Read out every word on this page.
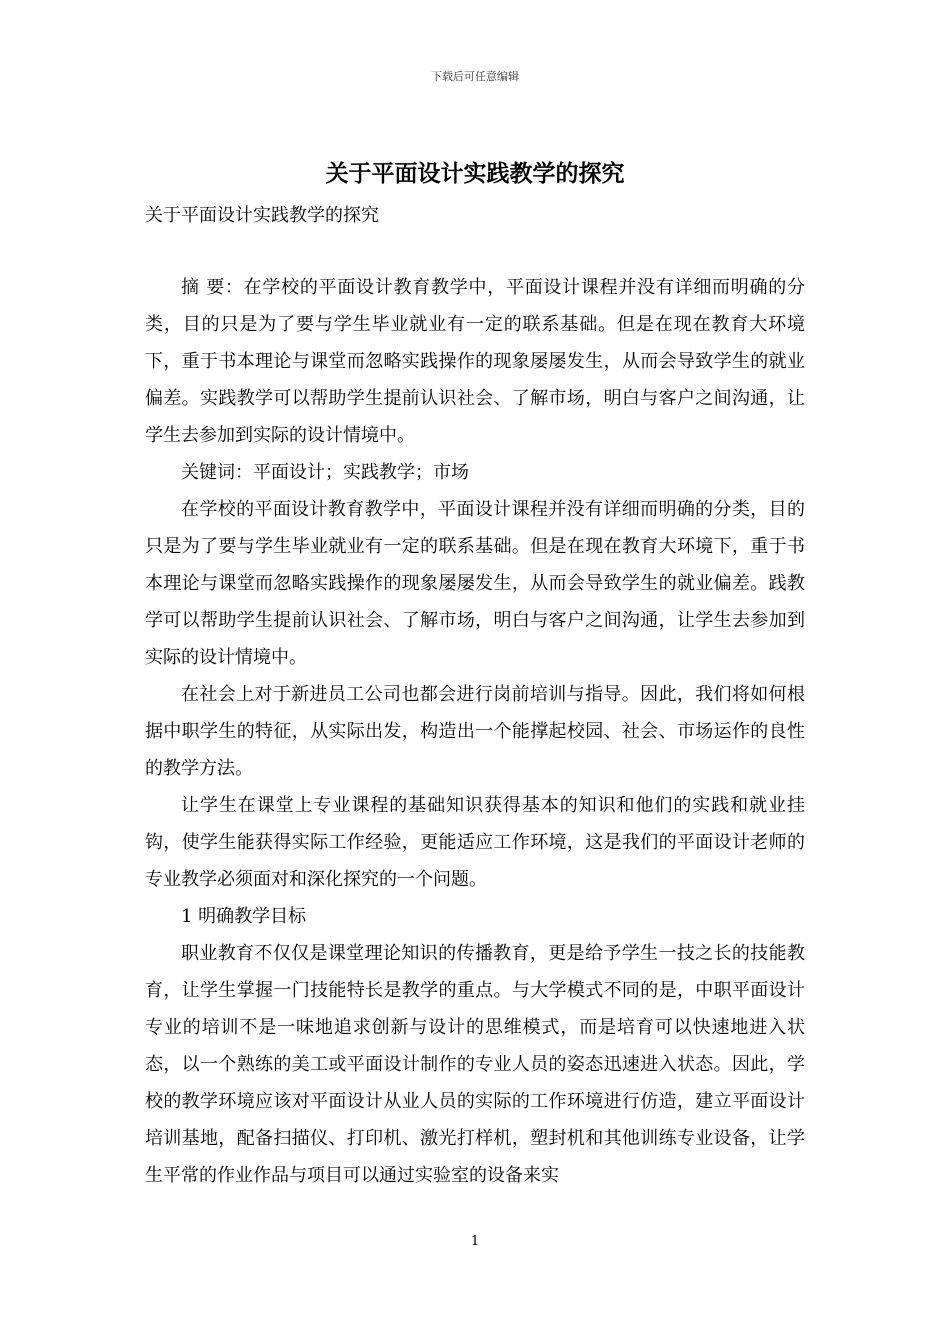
下载后可任意编辑
关于平面设计实践教学的探究
关于平面设计实践教学的探究

摘 要：在学校的平面设计教育教学中，平面设计课程并没有详细而明确的分类，目的只是为了要与学生毕业就业有一定的联系基础。但是在现在教育大环境下，重于书本理论与课堂而忽略实践操作的现象屡屡发生，从而会导致学生的就业偏差。实践教学可以帮助学生提前认识社会、了解市场，明白与客户之间沟通，让学生去参加到实际的设计情境中。

关键词：平面设计；实践教学；市场

在学校的平面设计教育教学中，平面设计课程并没有详细而明确的分类，目的只是为了要与学生毕业就业有一定的联系基础。但是在现在教育大环境下，重于书本理论与课堂而忽略实践操作的现象屡屡发生，从而会导致学生的就业偏差。践教学可以帮助学生提前认识社会、了解市场，明白与客户之间沟通，让学生去参加到实际的设计情境中。

在社会上对于新进员工公司也都会进行岗前培训与指导。因此，我们将如何根据中职学生的特征，从实际出发，构造出一个能撑起校园、社会、市场运作的良性的教学方法。

让学生在课堂上专业课程的基础知识获得基本的知识和他们的实践和就业挂钩，使学生能获得实际工作经验，更能适应工作环境，这是我们的平面设计老师的专业教学必须面对和深化探究的一个问题。

1 明确教学目标

职业教育不仅仅是课堂理论知识的传播教育，更是给予学生一技之长的技能教育，让学生掌握一门技能特长是教学的重点。与大学模式不同的是，中职平面设计专业的培训不是一味地追求创新与设计的思维模式，而是培育可以快速地进入状态，以一个熟练的美工或平面设计制作的专业人员的姿态迅速进入状态。因此，学校的教学环境应该对平面设计从业人员的实际的工作环境进行仿造，建立平面设计培训基地，配备扫描仪、打印机、激光打样机，塑封机和其他训练专业设备，让学生平常的作业作品与项目可以通过实验室的设备来实

1
